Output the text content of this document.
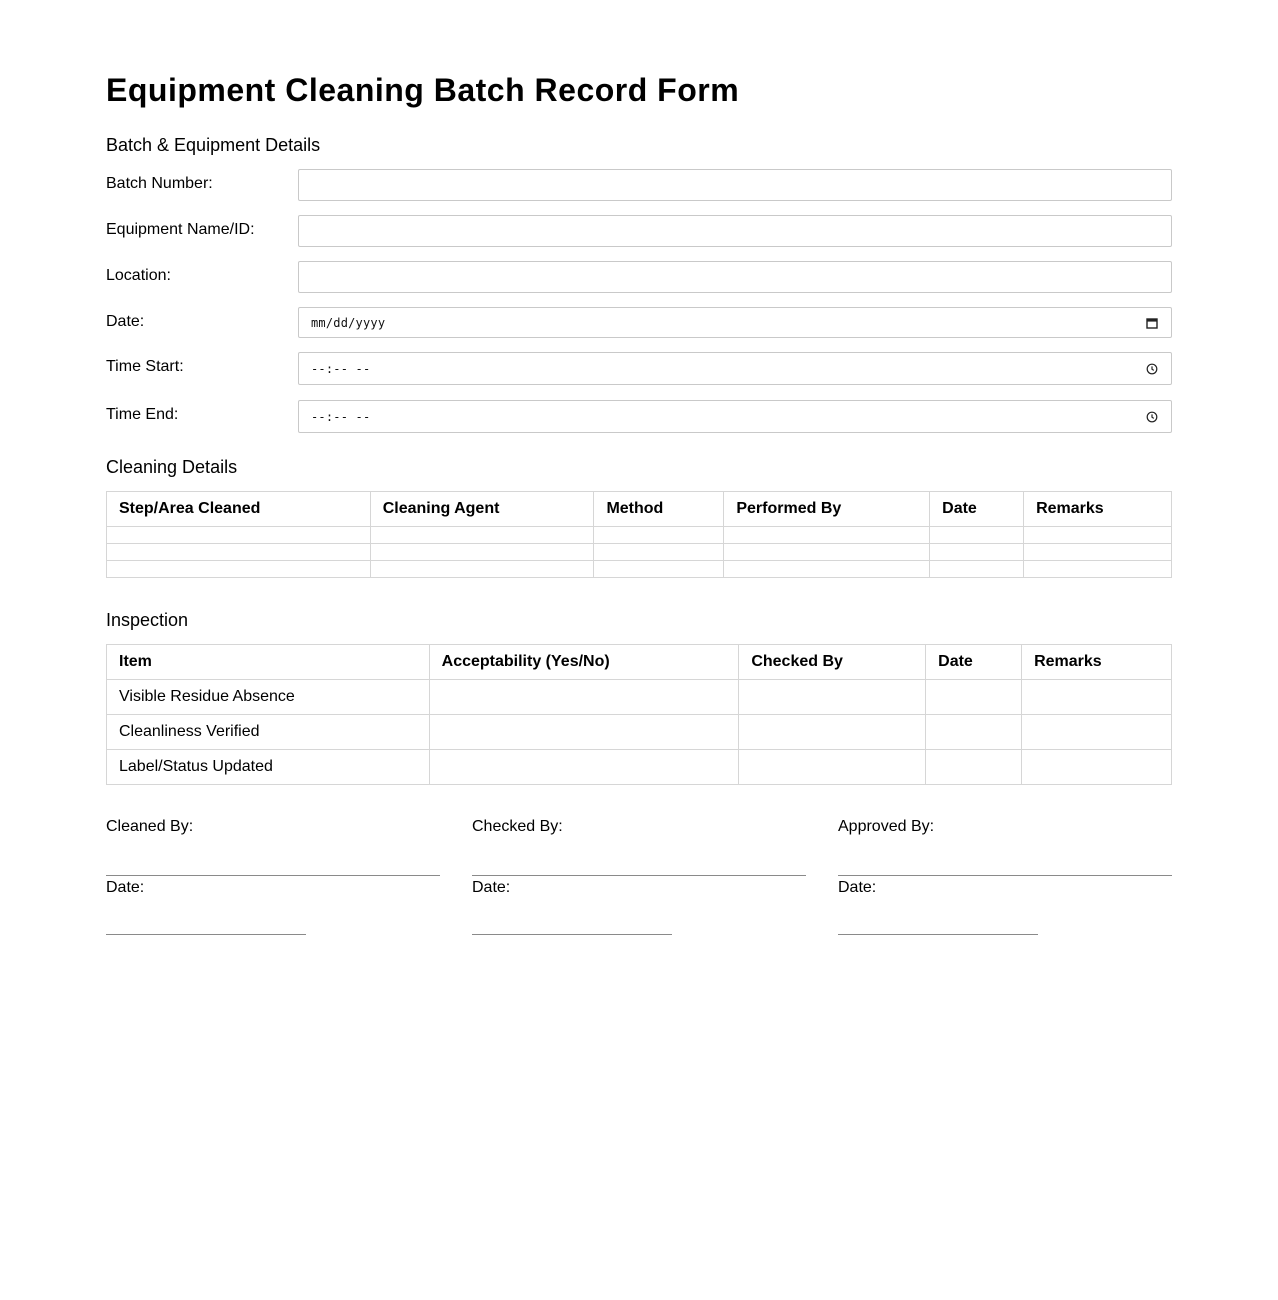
Equipment Cleaning Batch Record Form
Batch & Equipment Details
Batch Number:
Equipment Name/ID:
Location:
Date:	mm/dd/yyyy
Time Start:	--:-- --
Time End:	--:-- --
Cleaning Details
Step/Area Cleaned	Cleaning Agent	Method	Performed By	Date	Remarks

Inspection
Item	Acceptability (Yes/No)	Checked By	Date	Remarks
Visible Residue Absence				
Cleanliness Verified				
Label/Status Updated				
Cleaned By:
Date:
Checked By:
Date:
Approved By:
Date:
